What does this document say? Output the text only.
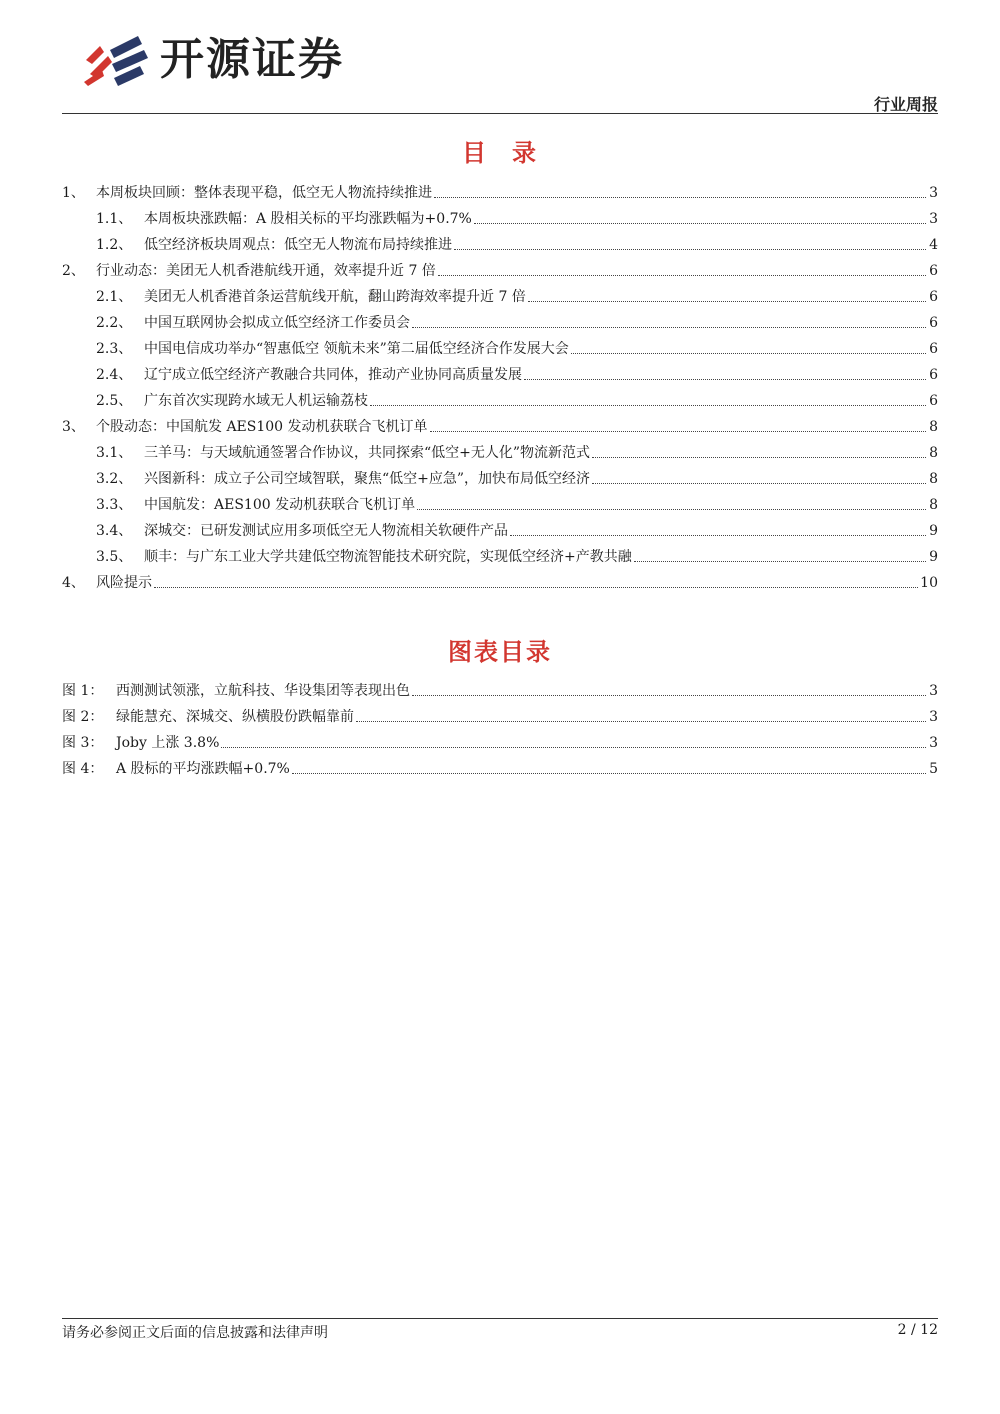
开源证券
行业周报
目 录
1、 本周板块回顾：整体表现平稳，低空无人物流持续推进	3
1.1、 本周板块涨跌幅：A 股相关标的平均涨跌幅为+0.7%	3
1.2、 低空经济板块周观点：低空无人物流布局持续推进	4
2、 行业动态：美团无人机香港航线开通，效率提升近 7 倍	6
2.1、 美团无人机香港首条运营航线开航，翻山跨海效率提升近 7 倍	6
2.2、 中国互联网协会拟成立低空经济工作委员会	6
2.3、 中国电信成功举办“智惠低空 领航未来”第二届低空经济合作发展大会	6
2.4、 辽宁成立低空经济产教融合共同体，推动产业协同高质量发展	6
2.5、 广东首次实现跨水域无人机运输荔枝	6
3、 个股动态：中国航发 AES100 发动机获联合飞机订单	8
3.1、 三羊马：与天域航通签署合作协议，共同探索“低空+无人化”物流新范式	8
3.2、 兴图新科：成立子公司空域智联，聚焦“低空+应急”，加快布局低空经济	8
3.3、 中国航发：AES100 发动机获联合飞机订单	8
3.4、 深城交：已研发测试应用多项低空无人物流相关软硬件产品	9
3.5、 顺丰：与广东工业大学共建低空物流智能技术研究院，实现低空经济+产教共融	9
4、 风险提示	10
图表目录
图 1： 西测测试领涨，立航科技、华设集团等表现出色	3
图 2： 绿能慧充、深城交、纵横股份跌幅靠前	3
图 3： Joby 上涨 3.8%	3
图 4： A 股标的平均涨跌幅+0.7%	5
请务必参阅正文后面的信息披露和法律声明	2 / 12
